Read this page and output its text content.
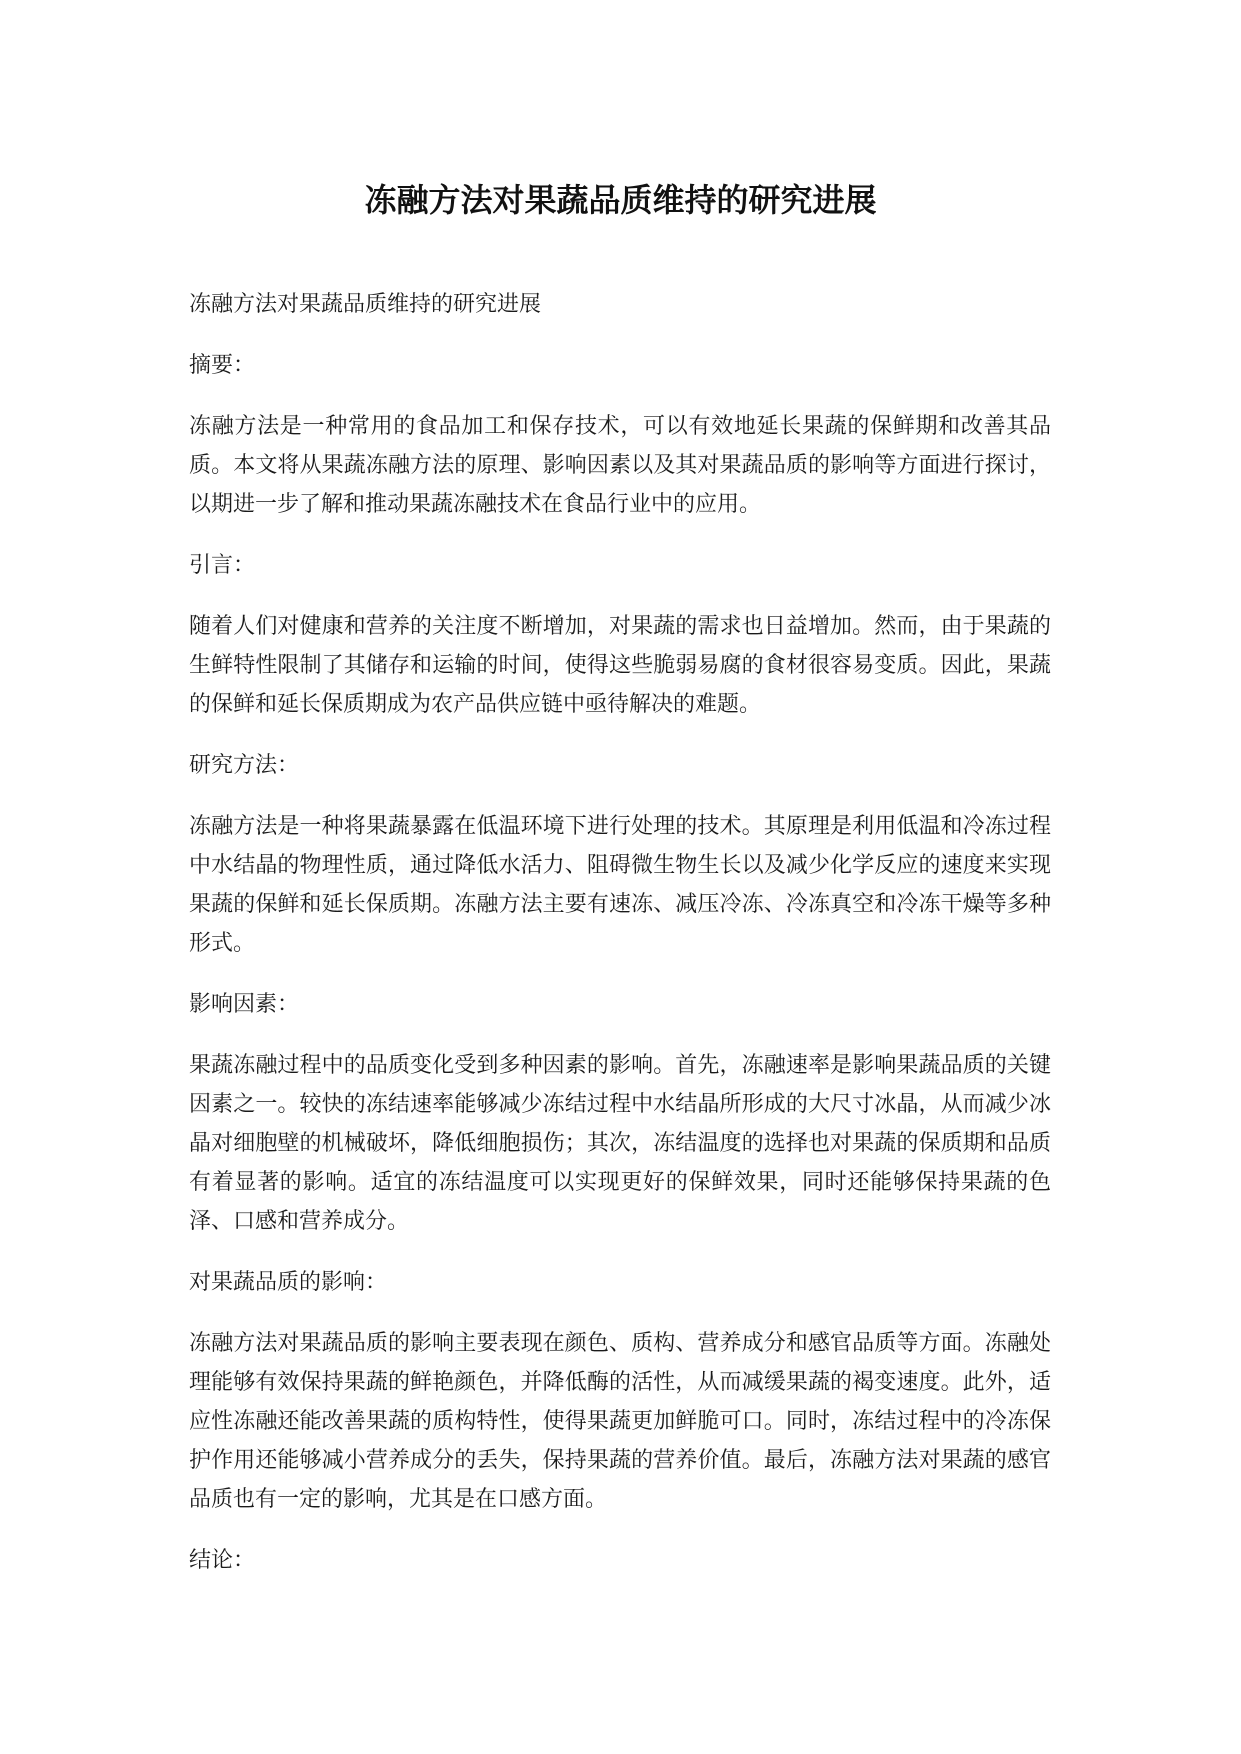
冻融方法对果蔬品质维持的研究进展

冻融方法对果蔬品质维持的研究进展

摘要：

冻融方法是一种常用的食品加工和保存技术，可以有效地延长果蔬的保鲜期和改善其品质。本文将从果蔬冻融方法的原理、影响因素以及其对果蔬品质的影响等方面进行探讨，以期进一步了解和推动果蔬冻融技术在食品行业中的应用。

引言：

随着人们对健康和营养的关注度不断增加，对果蔬的需求也日益增加。然而，由于果蔬的生鲜特性限制了其储存和运输的时间，使得这些脆弱易腐的食材很容易变质。因此，果蔬的保鲜和延长保质期成为农产品供应链中亟待解决的难题。

研究方法：

冻融方法是一种将果蔬暴露在低温环境下进行处理的技术。其原理是利用低温和冷冻过程中水结晶的物理性质，通过降低水活力、阻碍微生物生长以及减少化学反应的速度来实现果蔬的保鲜和延长保质期。冻融方法主要有速冻、减压冷冻、冷冻真空和冷冻干燥等多种形式。

影响因素：

果蔬冻融过程中的品质变化受到多种因素的影响。首先，冻融速率是影响果蔬品质的关键因素之一。较快的冻结速率能够减少冻结过程中水结晶所形成的大尺寸冰晶，从而减少冰晶对细胞壁的机械破坏，降低细胞损伤；其次，冻结温度的选择也对果蔬的保质期和品质有着显著的影响。适宜的冻结温度可以实现更好的保鲜效果，同时还能够保持果蔬的色泽、口感和营养成分。

对果蔬品质的影响：

冻融方法对果蔬品质的影响主要表现在颜色、质构、营养成分和感官品质等方面。冻融处理能够有效保持果蔬的鲜艳颜色，并降低酶的活性，从而减缓果蔬的褐变速度。此外，适应性冻融还能改善果蔬的质构特性，使得果蔬更加鲜脆可口。同时，冻结过程中的冷冻保护作用还能够减小营养成分的丢失，保持果蔬的营养价值。最后，冻融方法对果蔬的感官品质也有一定的影响，尤其是在口感方面。

结论：
